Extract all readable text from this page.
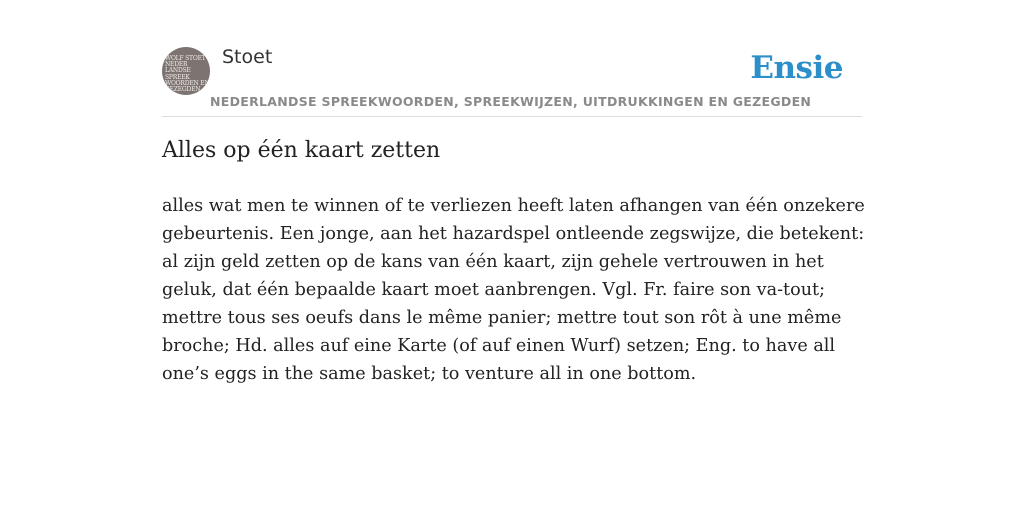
WOLF STOET
NEDER
LANDSE
SPREEK
WOORDEN EN
GEZEGDEN
Stoet
NEDERLANDSE SPREEKWOORDEN, SPREEKWIJZEN, UITDRUKKINGEN EN GEZEGDEN
Ensie
Alles op één kaart zetten

alles wat men te winnen of te verliezen heeft laten afhangen van één onzekere gebeurtenis. Een jonge, aan het hazardspel ontleende zegswijze, die betekent: al zijn geld zetten op de kans van één kaart, zijn gehele vertrouwen in het geluk, dat één bepaalde kaart moet aanbrengen. Vgl. Fr. faire son va-tout; mettre tous ses oeufs dans le même panier; mettre tout son rôt à une même broche; Hd. alles auf eine Karte (of auf einen Wurf) setzen; Eng. to have all one’s eggs in the same basket; to venture all in one bottom.
